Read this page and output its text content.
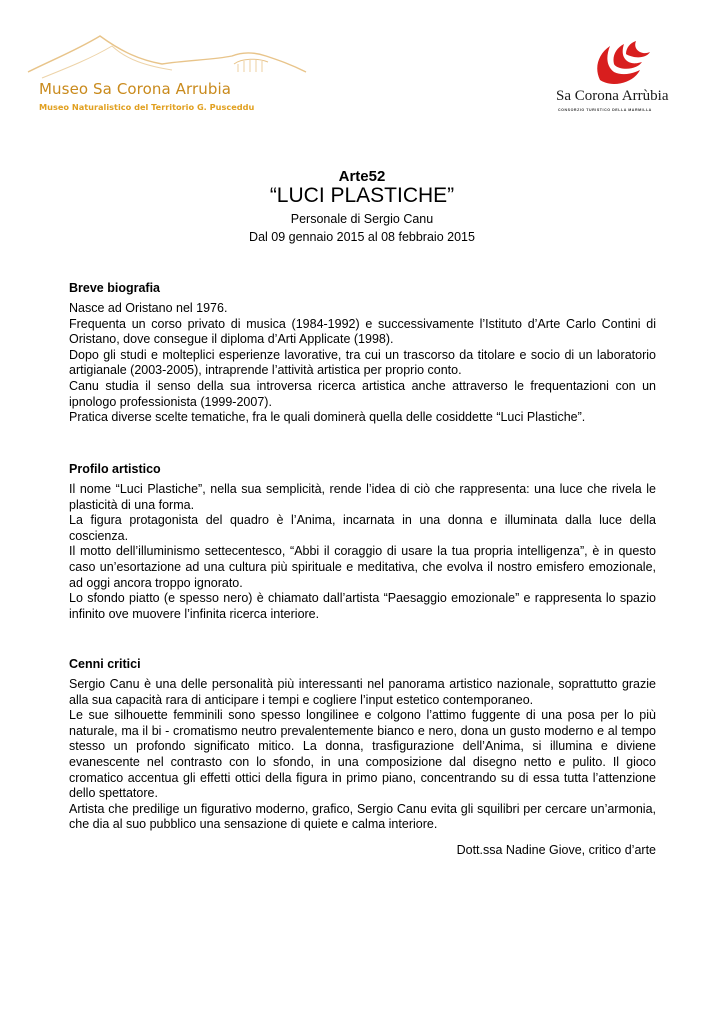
Museo Sa Corona Arrubia
Museo Naturalistico del Territorio G. Pusceddu
Sa Corona Arrùbia
CONSORZIO TURISTICO DELLA MARMILLA
Arte52
“LUCI PLASTICHE”
Personale di Sergio Canu
Dal 09 gennaio 2015 al 08 febbraio 2015

Breve biografia

Nasce ad Oristano nel 1976.

Frequenta un corso privato di musica (1984-1992) e successivamente l’Istituto d’Arte Carlo Contini di Oristano, dove consegue il diploma d’Arti Applicate (1998).

Dopo gli studi e molteplici esperienze lavorative, tra cui un trascorso da titolare e socio di un laboratorio artigianale (2003-2005), intraprende l’attività artistica per proprio conto.

Canu studia il senso della sua introversa ricerca artistica anche attraverso le frequentazioni con un ipnologo professionista (1999-2007).

Pratica diverse scelte tematiche, fra le quali dominerà quella delle cosiddette “Luci Plastiche”.

Profilo artistico

Il nome “Luci Plastiche”, nella sua semplicità, rende l’idea di ciò che rappresenta: una luce che rivela le plasticità di una forma.

La figura protagonista del quadro è l’Anima, incarnata in una donna e illuminata dalla luce della coscienza.

Il motto dell’illuminismo settecentesco, “Abbi il coraggio di usare la tua propria intelligenza”, è in questo caso un’esortazione ad una cultura più spirituale e meditativa, che evolva il nostro emisfero emozionale, ad oggi ancora troppo ignorato.

Lo sfondo piatto (e spesso nero) è chiamato dall’artista “Paesaggio emozionale” e rappresenta lo spazio infinito ove muovere l’infinita ricerca interiore.

Cenni critici

Sergio Canu è una delle personalità più interessanti nel panorama artistico nazionale, soprattutto grazie alla sua capacità rara di anticipare i tempi e cogliere l’input estetico contemporaneo.

Le sue silhouette femminili sono spesso longilinee e colgono l’attimo fuggente di una posa per lo più naturale, ma il bi - cromatismo neutro prevalentemente bianco e nero, dona un gusto moderno e al tempo stesso un profondo significato mitico. La donna, trasfigurazione dell’Anima, si illumina e diviene evanescente nel contrasto con lo sfondo, in una composizione dal disegno netto e pulito. Il gioco cromatico accentua gli effetti ottici della figura in primo piano, concentrando su di essa tutta l’attenzione dello spettatore.

Artista che predilige un figurativo moderno, grafico, Sergio Canu evita gli squilibri per cercare un’armonia, che dia al suo pubblico una sensazione di quiete e calma interiore.

Dott.ssa Nadine Giove, critico d’arte
